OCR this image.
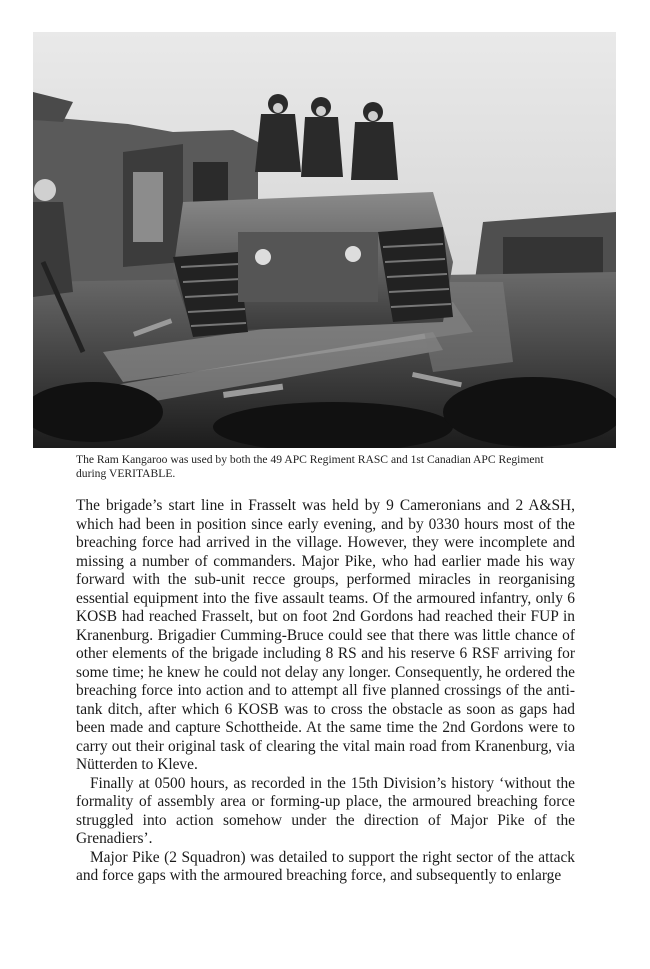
The Ram Kangaroo was used by both the 49 APC Regiment RASC and 1st Canadian APC Regiment during VERITABLE.

The brigade’s start line in Frasselt was held by 9 Cameronians and 2 A&SH, which had been in position since early evening, and by 0330 hours most of the breaching force had arrived in the village. However, they were incomplete and missing a number of commanders. Major Pike, who had earlier made his way forward with the sub-unit recce groups, performed miracles in reorganising essential equipment into the five assault teams. Of the armoured infantry, only 6 KOSB had reached Frasselt, but on foot 2nd Gordons had reached their FUP in Kranenburg. Brigadier Cumming-Bruce could see that there was little chance of other elements of the brigade including 8 RS and his reserve 6 RSF arriving for some time; he knew he could not delay any longer. Consequently, he ordered the breaching force into action and to attempt all five planned crossings of the anti-tank ditch, after which 6 KOSB was to cross the obstacle as soon as gaps had been made and capture Schottheide. At the same time the 2nd Gordons were to carry out their original task of clearing the vital main road from Kranenburg, via Nütterden to Kleve.

Finally at 0500 hours, as recorded in the 15th Division’s history ‘without the formality of assembly area or forming-up place, the armoured breaching force struggled into action somehow under the direction of Major Pike of the Grenadiers’.

Major Pike (2 Squadron) was detailed to support the right sector of the attack and force gaps with the armoured breaching force, and subsequently to enlarge
